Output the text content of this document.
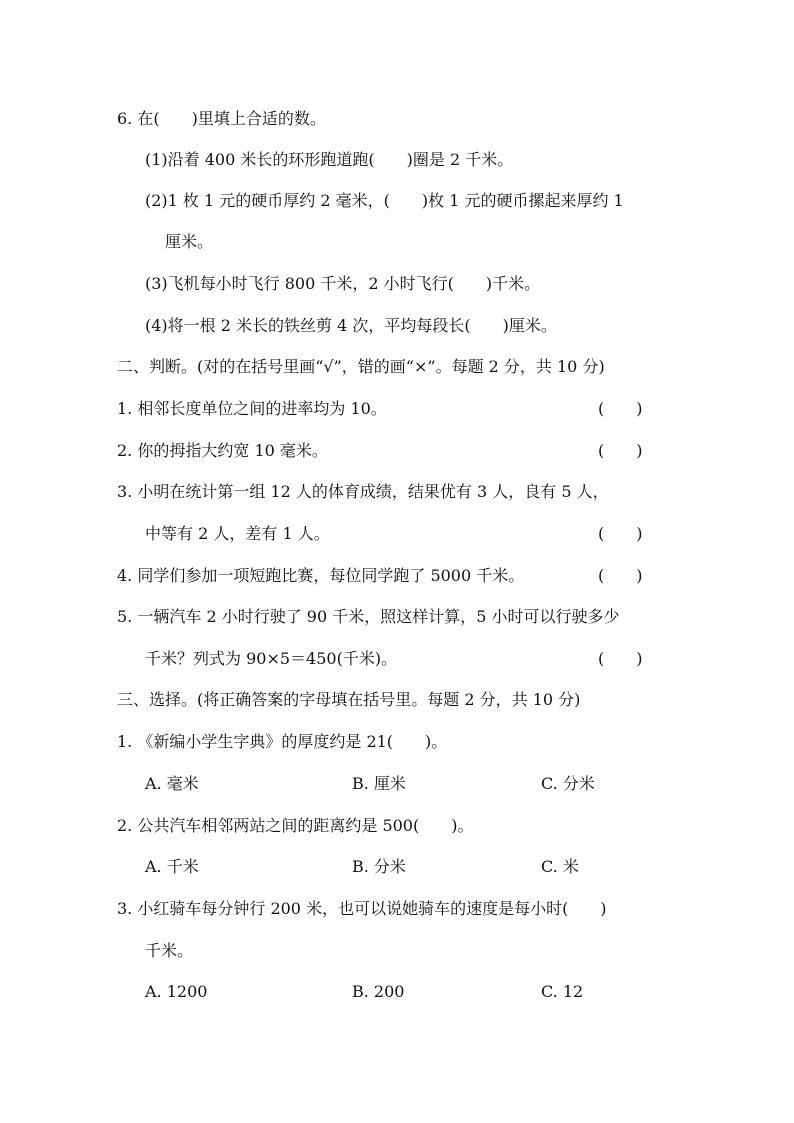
6. 在(　　)里填上合适的数。
(1)沿着 400 米长的环形跑道跑(　　)圈是 2 千米。
(2)1 枚 1 元的硬币厚约 2 毫米，(　　)枚 1 元的硬币摞起来厚约 1
厘米。
(3)飞机每小时飞行 800 千米，2 小时飞行(　　)千米。
(4)将一根 2 米长的铁丝剪 4 次，平均每段长(　　)厘米。
二、判断。(对的在括号里画“√”，错的画“×”。每题 2 分，共 10 分)
1. 相邻长度单位之间的进率均为 10。	(　　)
2. 你的拇指大约宽 10 毫米。	(　　)
3. 小明在统计第一组 12 人的体育成绩，结果优有 3 人，良有 5 人，
中等有 2 人，差有 1 人。	(　　)
4. 同学们参加一项短跑比赛，每位同学跑了 5000 千米。	(　　)
5. 一辆汽车 2 小时行驶了 90 千米，照这样计算，5 小时可以行驶多少
千米？列式为 90×5＝450(千米)。	(　　)
三、选择。(将正确答案的字母填在括号里。每题 2 分，共 10 分)
1. 《新编小学生字典》的厚度约是 21(　　)。
A. 毫米	B. 厘米	C. 分米
2. 公共汽车相邻两站之间的距离约是 500(　　)。
A. 千米	B. 分米	C. 米
3. 小红骑车每分钟行 200 米，也可以说她骑车的速度是每小时(　　)
千米。
A. 1200	B. 200	C. 12
